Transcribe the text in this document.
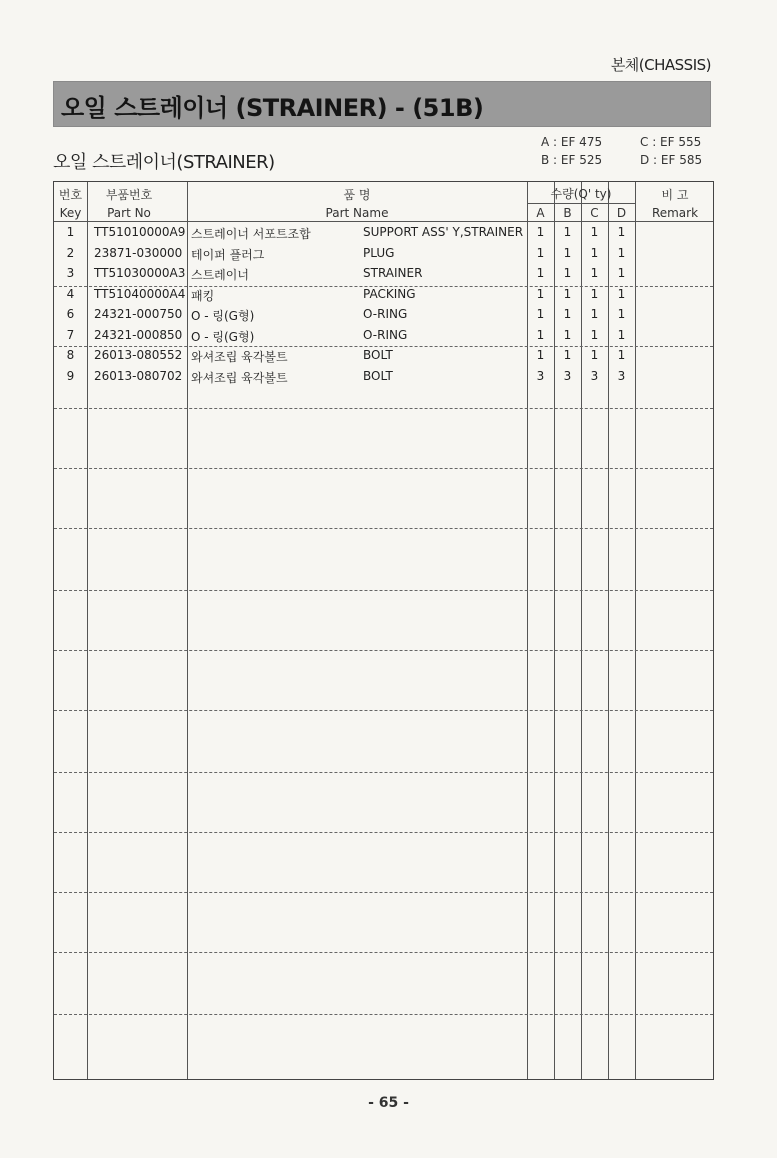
본체(CHASSIS)
오일 스트레이너 (STRAINER) - (51B)
오일 스트레이너(STRAINER)
A : EF 475
B : EF 525
C : EF 555
D : EF 585
번호
Key
부품번호
Part No
품 명
Part Name
수량(Q' ty)
A	B	C	D
비 고
Remark
1	TT51010000A9 스트레이너 서포트조합	SUPPORT ASS' Y,STRAINER	1	1	1	1
2	23871-030000 테이퍼 플러그	PLUG	1	1	1	1
3	TT51030000A3 스트레이너	STRAINER	1	1	1	1
4	TT51040000A4 패킹	PACKING	1	1	1	1
6	24321-000750 O - 링(G형)	O-RING	1	1	1	1
7	24321-000850 O - 링(G형)	O-RING	1	1	1	1
8	26013-080552 와셔조립 육각볼트	BOLT	1	1	1	1
9	26013-080702 와셔조립 육각볼트	BOLT	3	3	3	3
- 65 -
